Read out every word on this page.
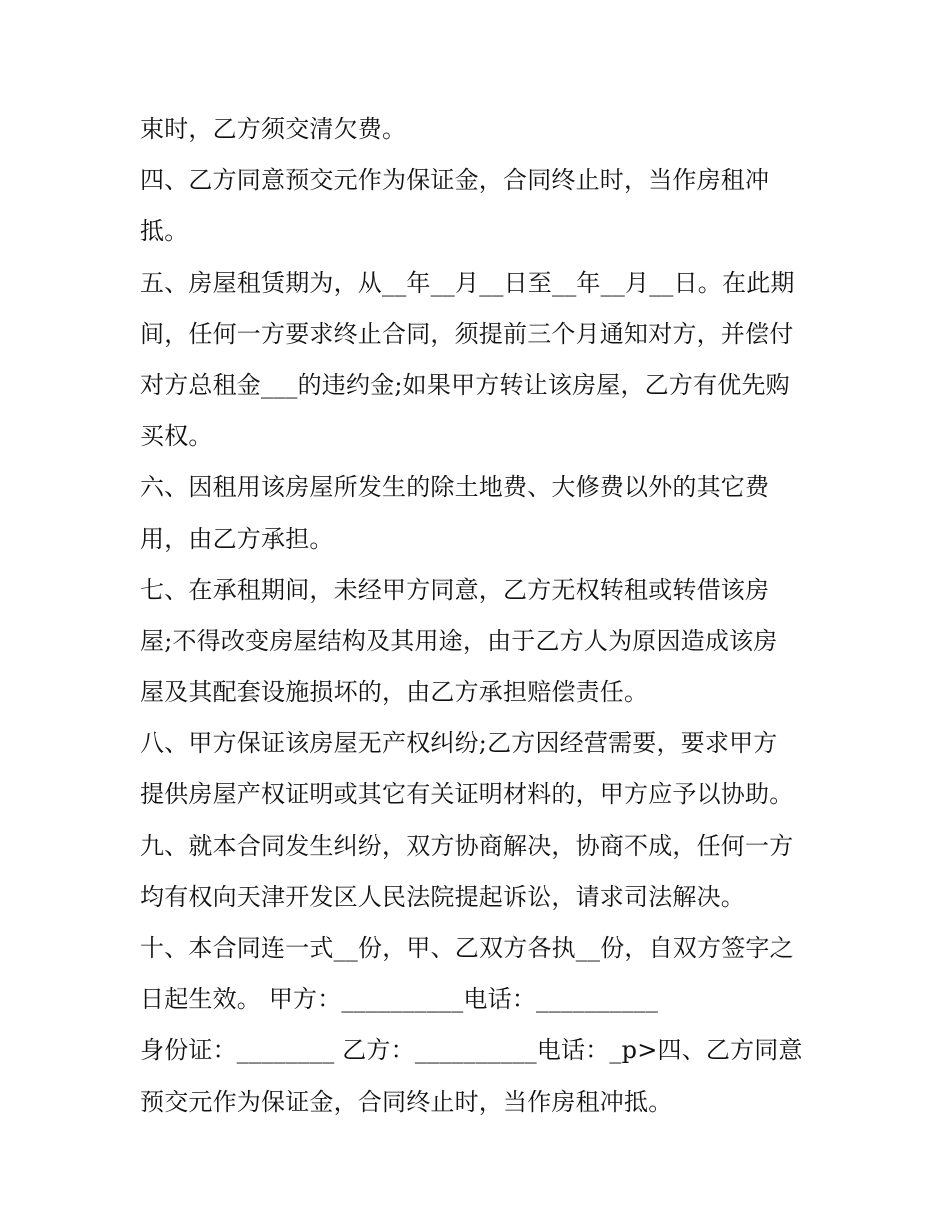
束时，乙方须交清欠费。
四、乙方同意预交元作为保证金，合同终止时，当作房租冲
抵。
五、房屋租赁期为，从__年__月__日至__年__月__日。在此期
间，任何一方要求终止合同，须提前三个月通知对方，并偿付
对方总租金___的违约金;如果甲方转让该房屋，乙方有优先购
买权。
六、因租用该房屋所发生的除土地费、大修费以外的其它费
用，由乙方承担。
七、在承租期间，未经甲方同意，乙方无权转租或转借该房
屋;不得改变房屋结构及其用途，由于乙方人为原因造成该房
屋及其配套设施损坏的，由乙方承担赔偿责任。
八、甲方保证该房屋无产权纠纷;乙方因经营需要，要求甲方
提供房屋产权证明或其它有关证明材料的，甲方应予以协助。
九、就本合同发生纠纷，双方协商解决，协商不成，任何一方
均有权向天津开发区人民法院提起诉讼，请求司法解决。
十、本合同连一式__份，甲、乙双方各执__份，自双方签字之
日起生效。 甲方：__________电话：__________
身份证：________ 乙方：__________电话：_p>四、乙方同意
预交元作为保证金，合同终止时，当作房租冲抵。
